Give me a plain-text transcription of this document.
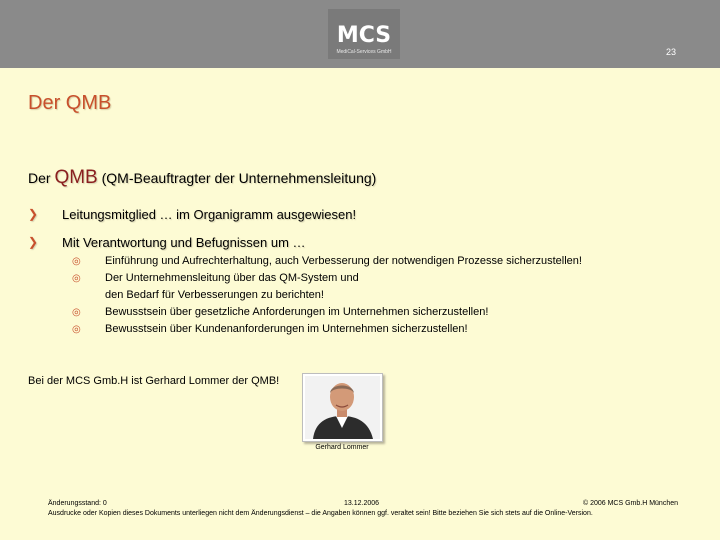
MCS
MediCal-Services GmbH	23
Der QMB
Der QMB (QM-Beauftragter der Unternehmensleitung)
❯ Leitungsmitglied … im Organigramm ausgewiesen!
❯ Mit Verantwortung und Befugnissen um …
◎ Einführung und Aufrechterhaltung, auch Verbesserung der notwendigen Prozesse sicherzustellen!
◎ Der Unternehmensleitung über das QM-System und
den Bedarf für Verbesserungen zu berichten!
◎ Bewusstsein über gesetzliche Anforderungen im Unternehmen sicherzustellen!
◎ Bewusstsein über Kundenanforderungen im Unternehmen sicherzustellen!
Bei der MCS Gmb.H ist Gerhard Lommer der QMB!
Gerhard Lommer
Änderungsstand: 0	13.12.2006	© 2006 MCS Gmb.H München
Ausdrucke oder Kopien dieses Dokuments unterliegen nicht dem Änderungsdienst – die Angaben können ggf. veraltet sein! Bitte beziehen Sie sich stets auf die Online-Version.
